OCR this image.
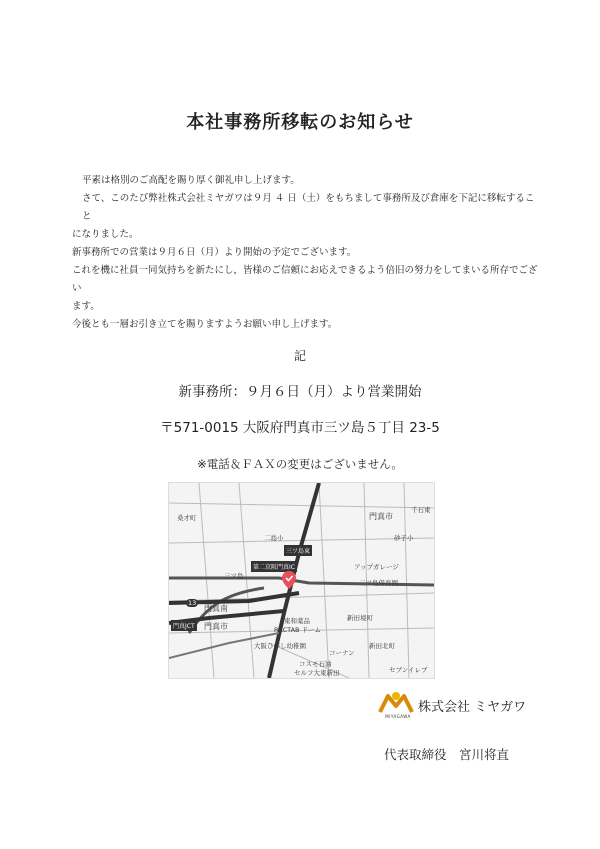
本社事務所移転のお知らせ

平素は格別のご高配を賜り厚く御礼申し上げます。

さて、このたび弊社株式会社ミヤガワは９月 ４ 日（土）をもちまして事務所及び倉庫を下記に移転すること

になりました。

新事務所での営業は９月６日（月）より開始の予定でございます。

これを機に社員一同気持ちを新たにし，皆様のご信頼にお応えできるよう倍旧の努力をしてまいる所存でござい

ます。

今後とも一層お引き立てを賜りますようお願い申し上げます。

記
新事務所：９月６日（月）より営業開始
〒571-0015 大阪府門真市三ツ島５丁目 23-5
※電話＆ＦＡＸの変更はございません。
桑才町
二島小
門真市
千石東
砂子小
三ツ島東
三ツ島
第二京阪門真IC	アップガレージ
三ツ島保育園
門真南
門真JCT 門真市
東和薬品
RACTAB ドーム
新田境町
大阪ひがし幼稚園
コーナン
新田北町
コスモ石油
セルフ大東新田	セブンイレブ
13
MIYAGAWA
株式会社 ミヤガワ
代表取締役　宮川将直
